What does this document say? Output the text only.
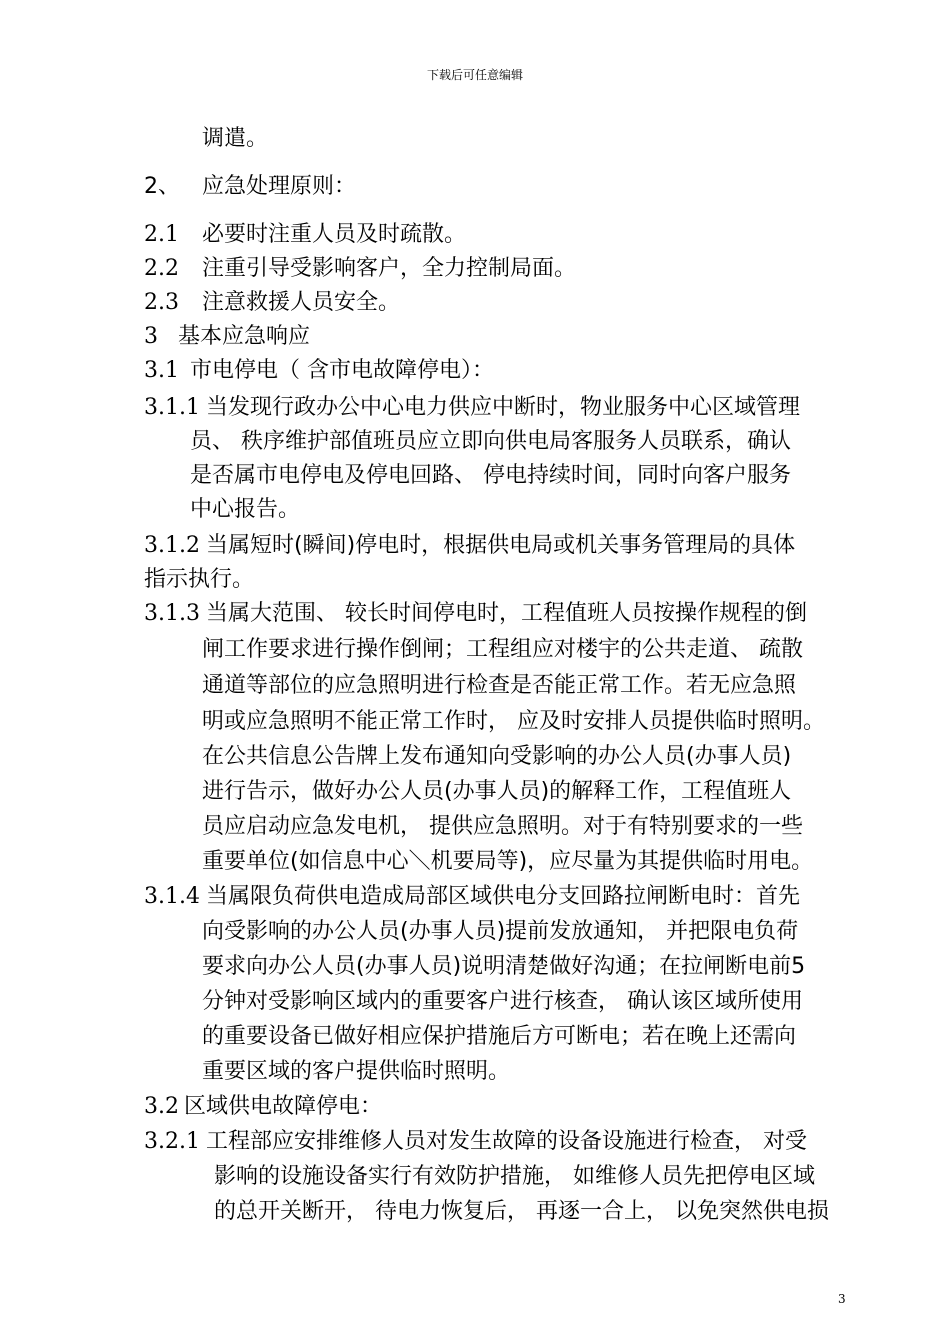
下载后可任意编辑
调遣。
2、 应急处理原则：
2.1 必要时注重人员及时疏散。
2.2 注重引导受影响客户，全力控制局面。
2.3 注意救援人员安全。
3 基本应急响应
3.1 市电停电（ 含市电故障停电）：
3.1.1 当发现行政办公中心电力供应中断时，物业服务中心区域管理
员、 秩序维护部值班员应立即向供电局客服务人员联系，确认
是否属市电停电及停电回路、 停电持续时间，同时向客户服务
中心报告。
3.1.2 当属短时(瞬间)停电时，根据供电局或机关事务管理局的具体
指示执行。
3.1.3 当属大范围、 较长时间停电时，工程值班人员按操作规程的倒
闸工作要求进行操作倒闸；工程组应对楼宇的公共走道、 疏散
通道等部位的应急照明进行检查是否能正常工作。若无应急照
明或应急照明不能正常工作时， 应及时安排人员提供临时照明。
在公共信息公告牌上发布通知向受影响的办公人员(办事人员)
进行告示，做好办公人员(办事人员)的解释工作，工程值班人
员应启动应急发电机， 提供应急照明。对于有特别要求的一些
重要单位(如信息中心＼机要局等)，应尽量为其提供临时用电。
3.1.4 当属限负荷供电造成局部区域供电分支回路拉闸断电时：首先
向受影响的办公人员(办事人员)提前发放通知， 并把限电负荷
要求向办公人员(办事人员)说明清楚做好沟通；在拉闸断电前5
分钟对受影响区域内的重要客户进行核查， 确认该区域所使用
的重要设备已做好相应保护措施后方可断电；若在晚上还需向
重要区域的客户提供临时照明。
3.2 区域供电故障停电：
3.2.1 工程部应安排维修人员对发生故障的设备设施进行检查， 对受
影响的设施设备实行有效防护措施， 如维修人员先把停电区域
的总开关断开， 待电力恢复后， 再逐一合上， 以免突然供电损
3
